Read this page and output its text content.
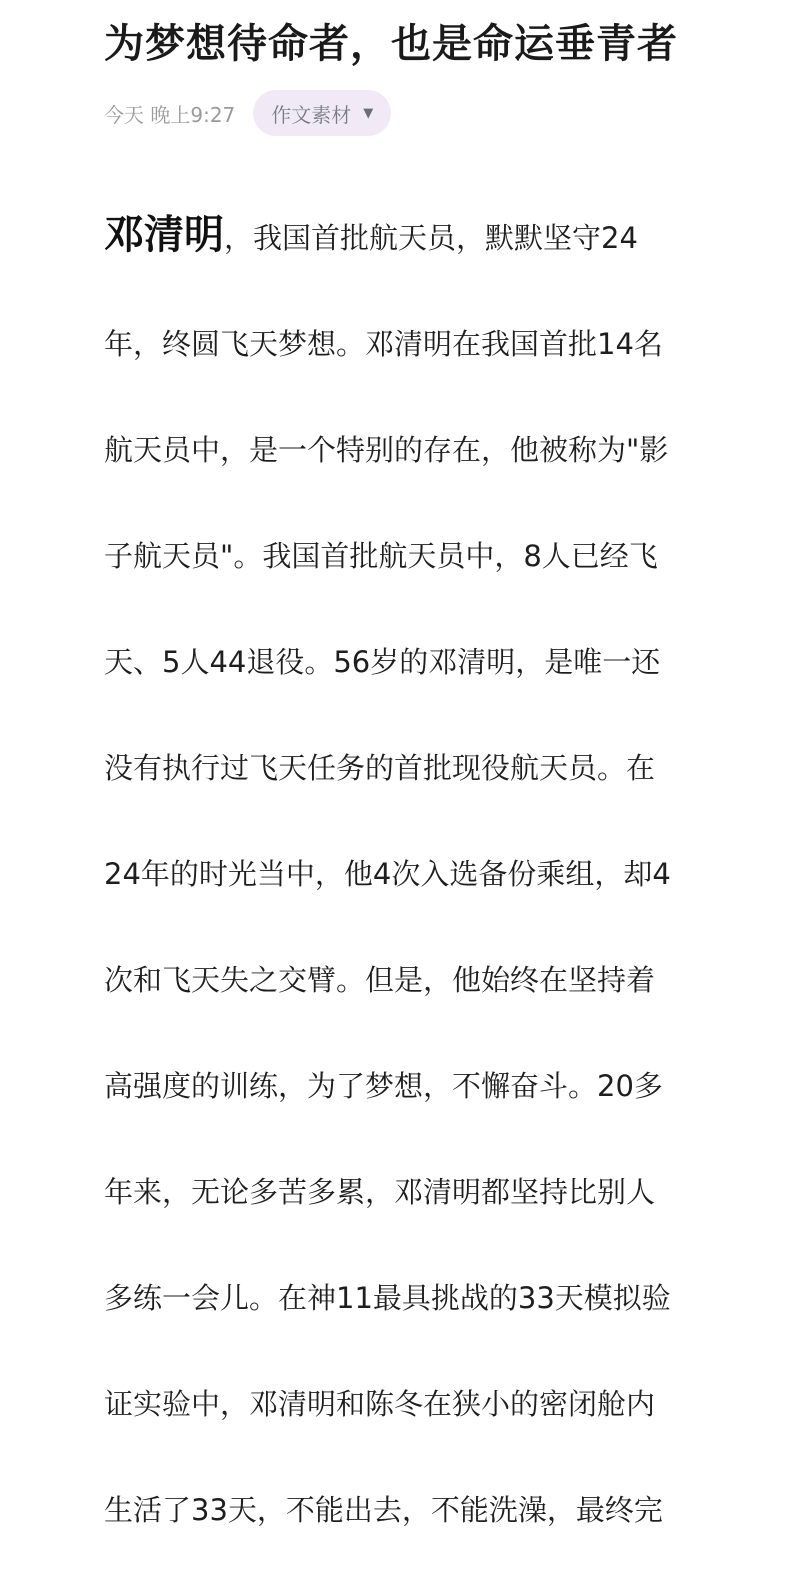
为梦想待命者，也是命运垂青者
今天 晚上9:27 作文素材 ▼

邓清明，我国首批航天员，默默坚守24

年，终圆飞天梦想。邓清明在我国首批14名

航天员中，是一个特别的存在，他被称为"影

子航天员"。我国首批航天员中，8人已经飞

天、5人44退役。56岁的邓清明，是唯一还

没有执行过飞天任务的首批现役航天员。在

24年的时光当中，他4次入选备份乘组，却4

次和飞天失之交臂。但是，他始终在坚持着

高强度的训练，为了梦想，不懈奋斗。20多

年来，无论多苦多累，邓清明都坚持比别人

多练一会儿。在神11最具挑战的33天模拟验

证实验中，邓清明和陈冬在狭小的密闭舱内

生活了33天，不能出去，不能洗澡，最终完
